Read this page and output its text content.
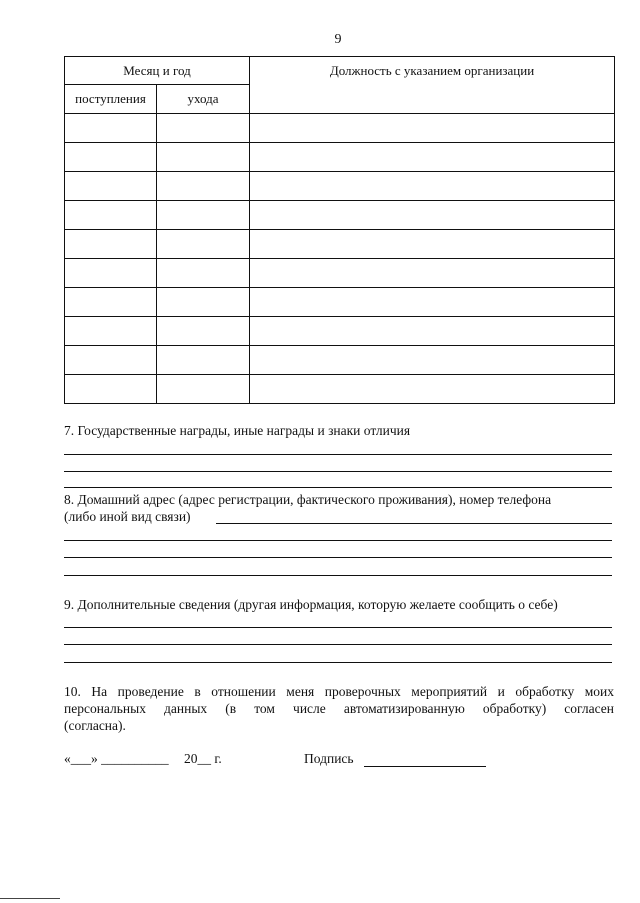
9
Месяц и год		Должность с указанием организации
поступления	ухода	

7. Государственные награды, иные награды и знаки отличия
8. Домашний адрес (адрес регистрации, фактического проживания), номер телефона
(либо иной вид связи)
9. Дополнительные сведения (другая информация, которую желаете сообщить о себе)
10. На проведение в отношении меня проверочных мероприятий и обработку моих
персональных данных (в том числе автоматизированную обработку) согласен
(согласна).
«___» __________ 20__ г.	Подпись
